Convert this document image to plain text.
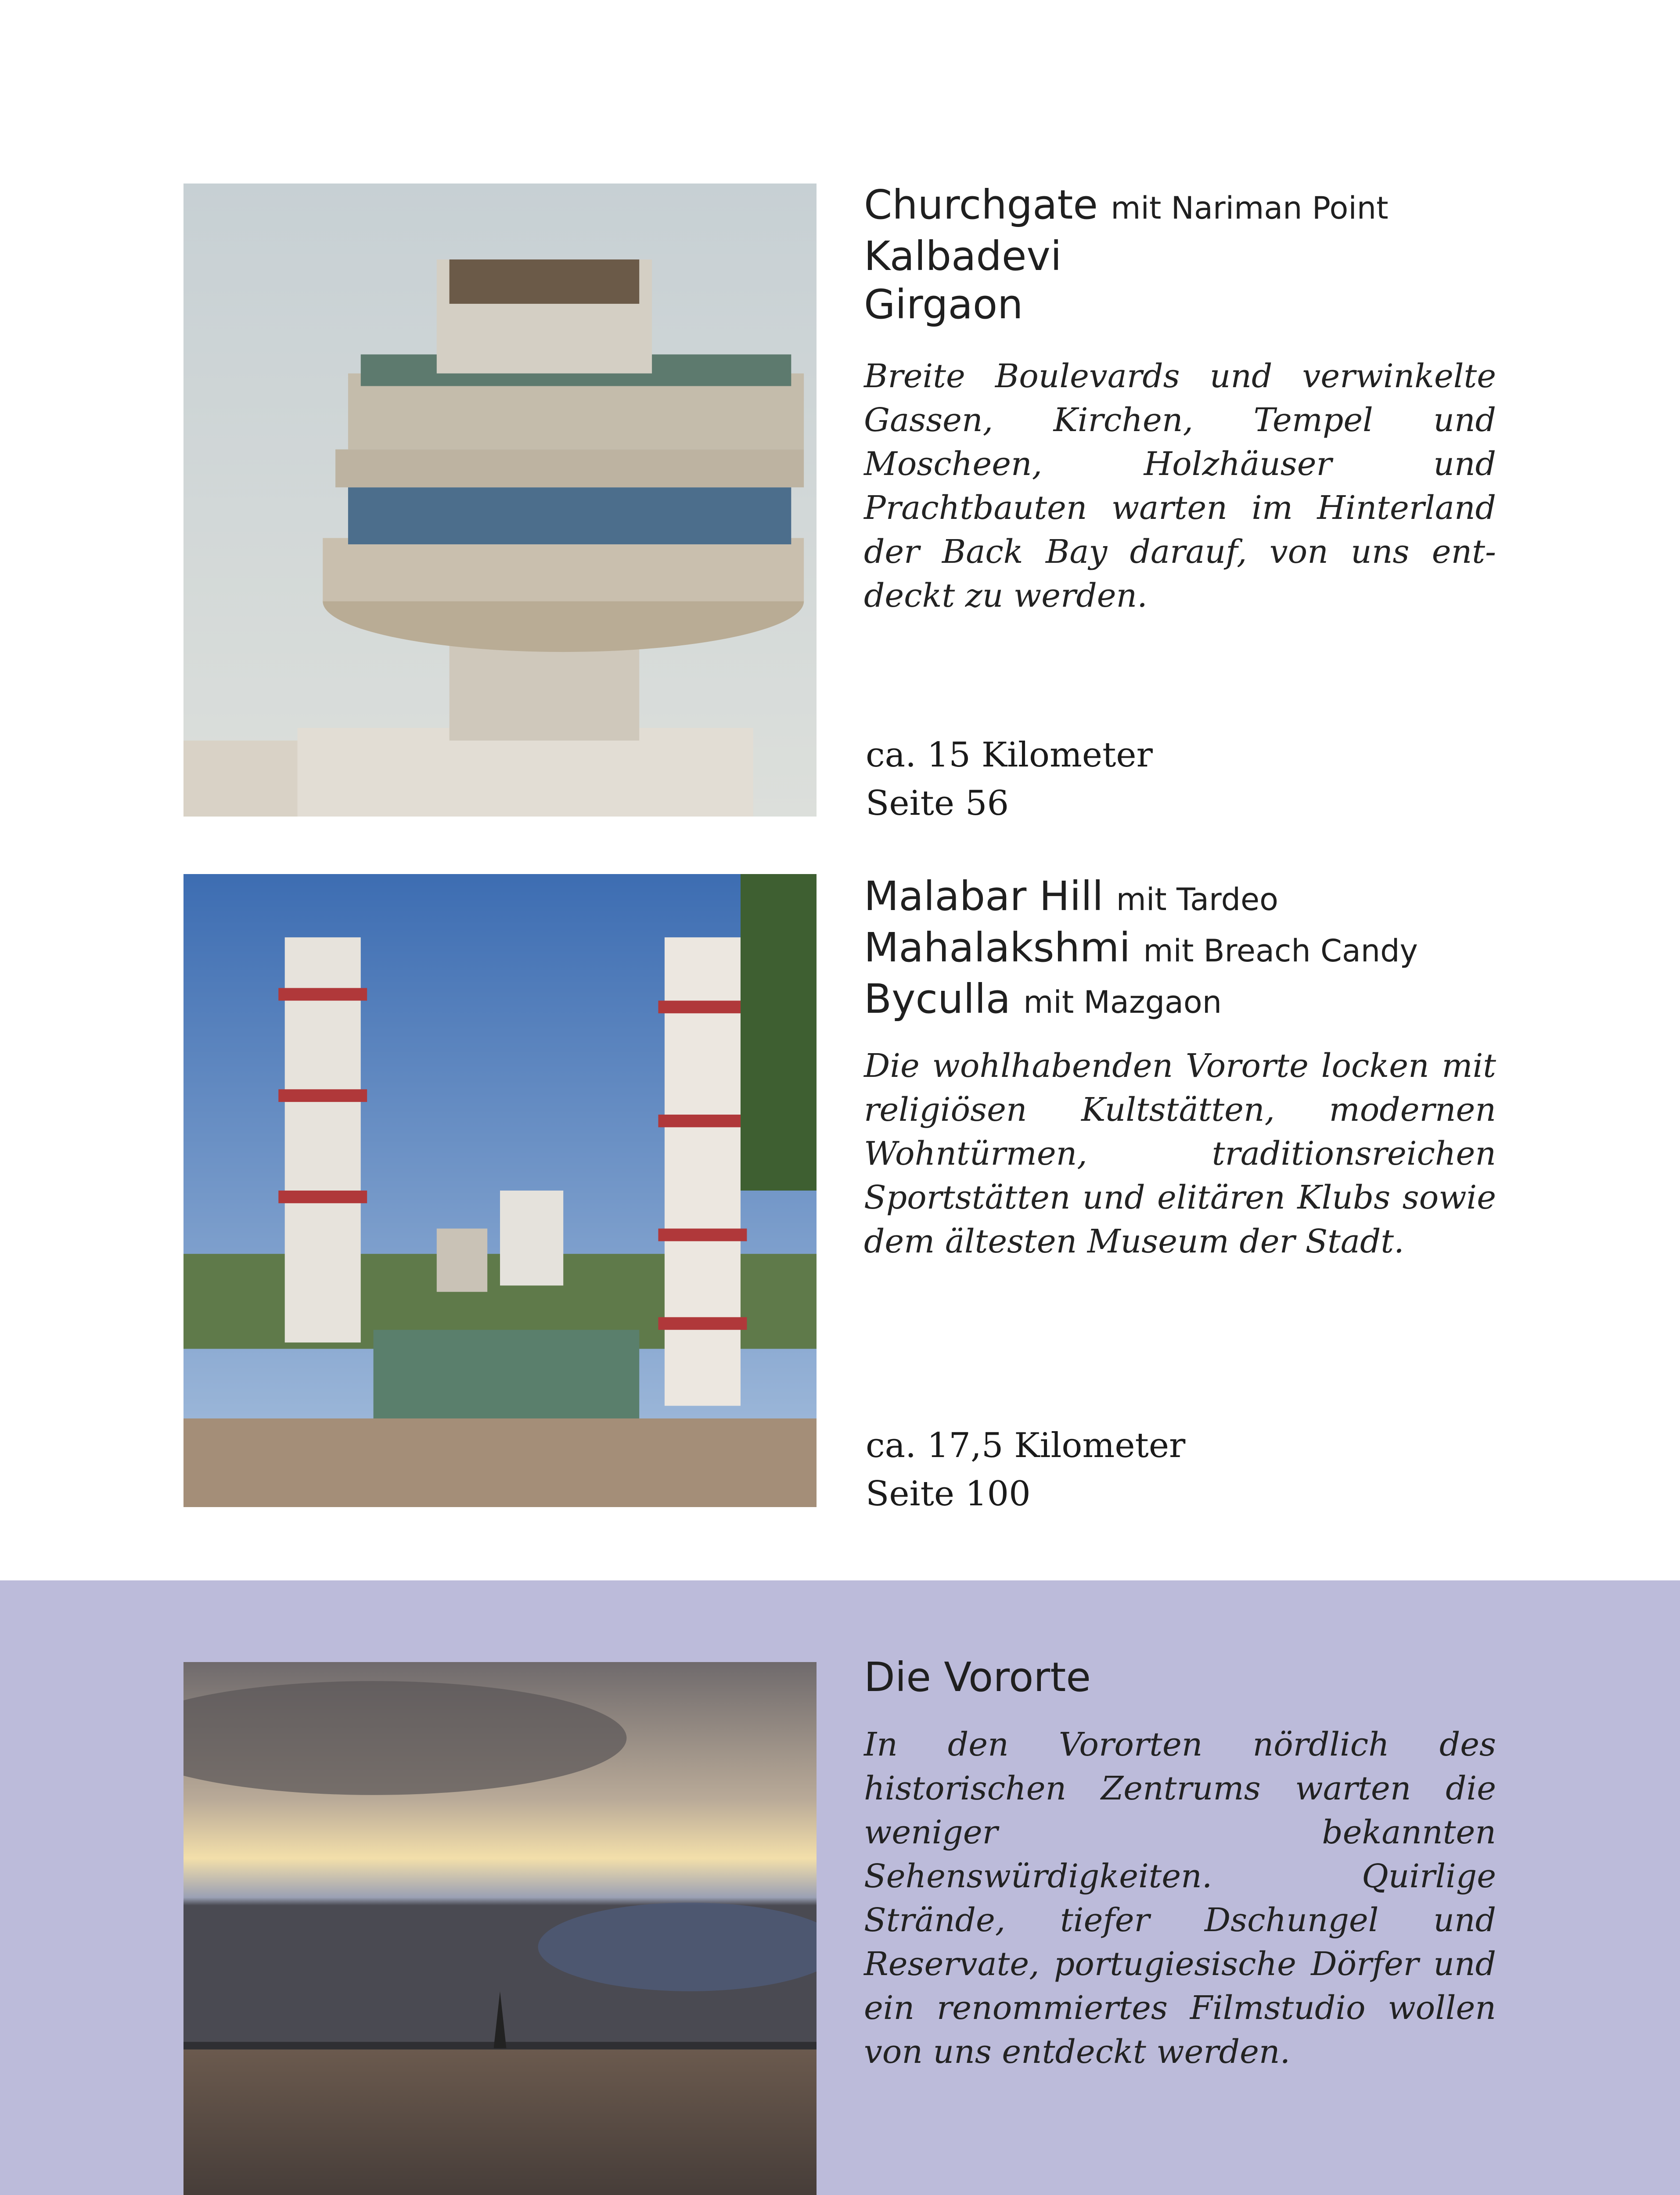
Churchgate mit Nariman Point
Kalbadevi
Girgaon

Breite Boulevards und verwinkelte Gassen, Kirchen, Tempel und Moscheen, Holzhäuser und Prachtbauten warten im Hinterland der Back Bay darauf, von uns entdeckt zu werden.

ca. 15 Kilometer
Seite 56
Malabar Hill mit Tardeo
Mahalakshmi mit Breach Candy
Byculla mit Mazgaon

Die wohlhabenden Vororte locken mit religiösen Kultstätten, modernen Wohntürmen, traditionsreichen Sportstätten und elitären Klubs sowie dem ältesten Museum der Stadt.

ca. 17,5 Kilometer
Seite 100
Die Vororte

In den Vororten nördlich des historischen Zentrums warten die weniger bekannten Sehenswürdigkeiten. Quirlige Strände, tiefer Dschungel und Reservate, portugiesische Dörfer und ein renommiertes Filmstudio wollen von uns entdeckt werden.
